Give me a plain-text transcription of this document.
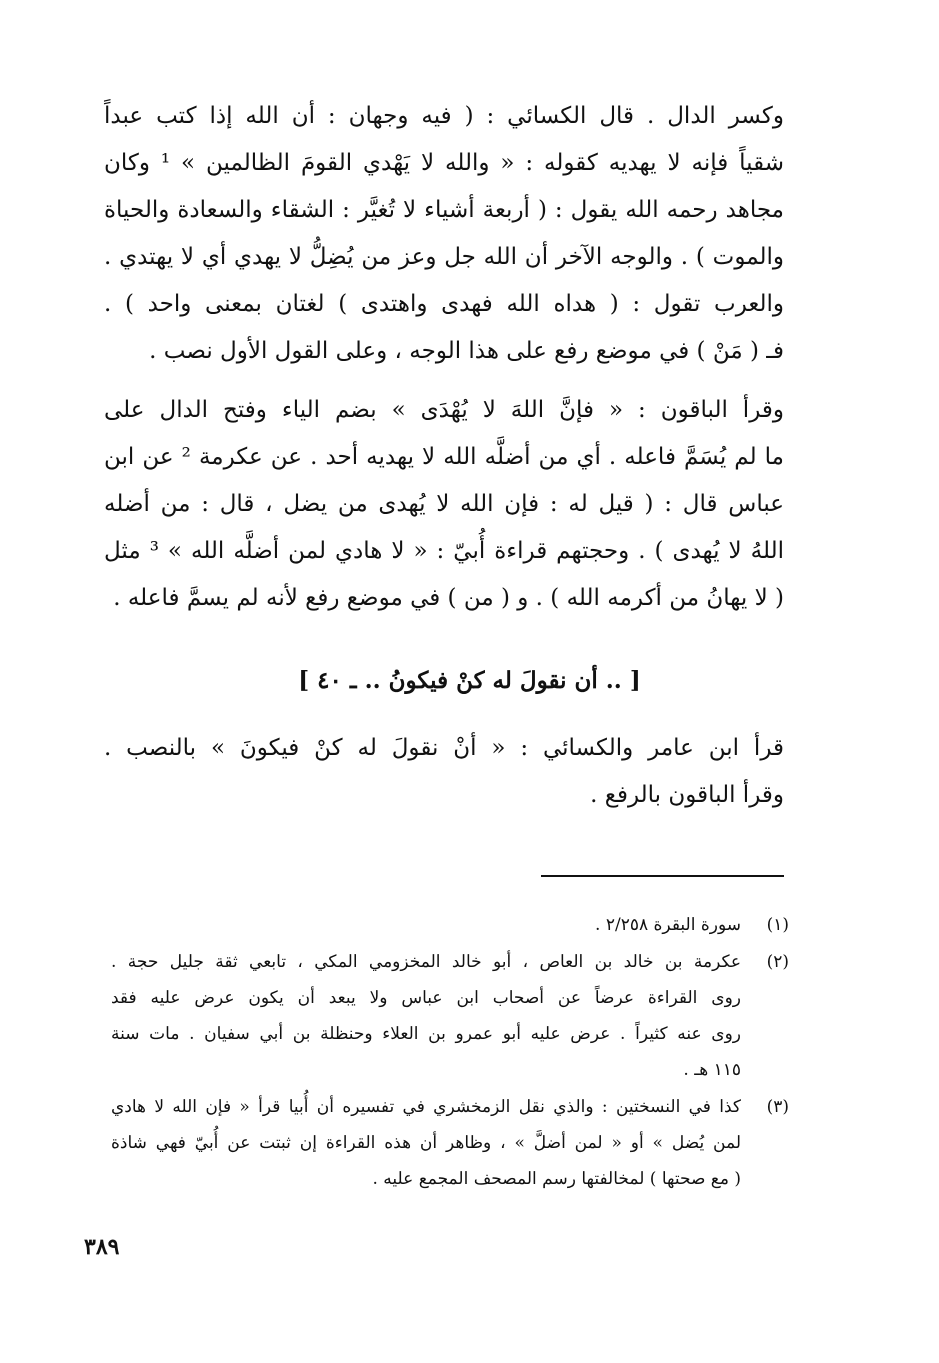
وكسر الدال . قال الكسائي : ( فيه وجهان : أن الله إذا كتب عبداً
شقياً فإنه لا يهديه كقوله : « والله لا يَهْدي القومَ الظالمين » ¹ وكان
مجاهد رحمه الله يقول : ( أربعة أشياء لا تُغيَّر : الشقاء والسعادة والحياة
والموت ) . والوجه الآخر أن الله جل وعز من يُضِلُّ لا يهدي أي لا يهتدي .
والعرب تقول : ( هداه الله فهدى واهتدى ) لغتان بمعنى واحد ) .
فـ ( مَنْ ) في موضع رفع على هذا الوجه ، وعلى القول الأول نصب .
وقرأ الباقون : « فإنَّ اللهَ لا يُهْدَى » بضم الياء وفتح الدال على
ما لم يُسَمَّ فاعله . أي من أضلَّه الله لا يهديه أحد . عن عكرمة ² عن ابن
عباس قال : ( قيل له : فإن الله لا يُهدى من يضل ، قال : من أضله
اللهُ لا يُهدى ) . وحجتهم قراءة أُبيّ : « لا هادي لمن أضلَّه الله » ³ مثل
( لا يهانُ من أكرمه الله ) . و ( من ) في موضع رفع لأنه لم يسمَّ فاعله .
[ .. أن نقولَ له كنْ فيكونُ .. ـ ٤٠ ]
قرأ ابن عامر والكسائي : « أنْ نقولَ له كنْ فيكونَ » بالنصب .
وقرأ الباقون بالرفع .
(١)
سورة البقرة ٢/٢٥٨ .
(٢)
عكرمة بن خالد بن العاص ، أبو خالد المخزومي المكي ، تابعي ثقة جليل حجة .
روى القراءة عرضاً عن أصحاب ابن عباس ولا يبعد أن يكون عرض عليه فقد
روى عنه كثيراً . عرض عليه أبو عمرو بن العلاء وحنظلة بن أبي سفيان . مات سنة
١١٥ هـ .
(٣)
كذا في النسختين : والذي نقل الزمخشري في تفسيره أن أُبيا قرأ « فإن الله لا هادي
لمن يُضل » أو « لمن أضلَّ » ، وظاهر أن هذه القراءة إن ثبتت عن أُبيّ فهي شاذة
( مع صحتها ) لمخالفتها رسم المصحف المجمع عليه .
٣٨٩
